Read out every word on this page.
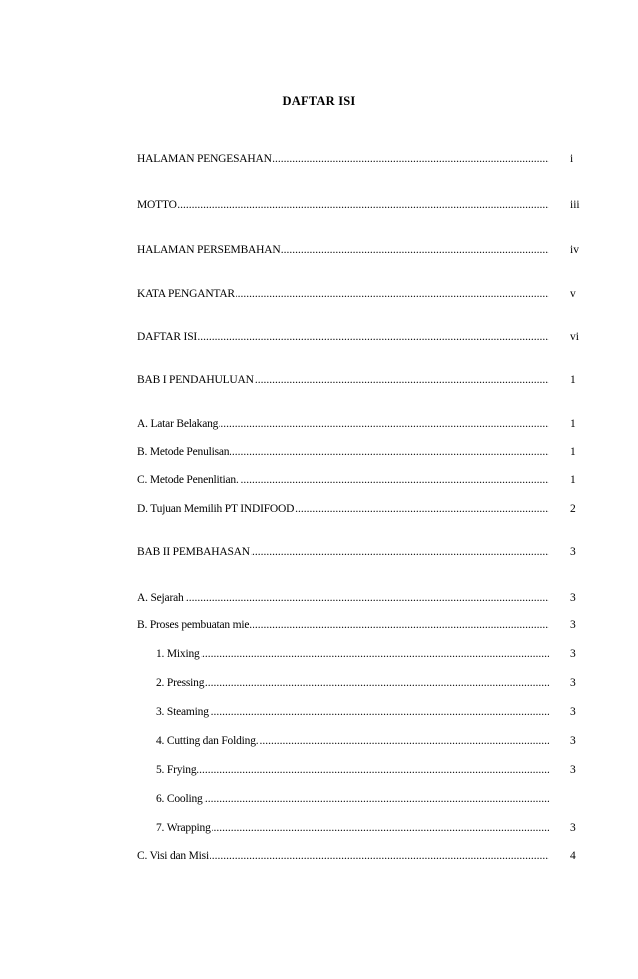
DAFTAR ISI
HALAMAN PENGESAHAN .....	i
MOTTO .....	iii
HALAMAN PERSEMBAHAN .....	iv
KATA PENGANTAR .....	v
DAFTAR ISI .....	vi
BAB I PENDAHULUAN .....	1
A. Latar Belakang .....	1
B. Metode Penulisan .....	1
C. Metode Penenlitian. .....	1
D. Tujuan Memilih PT INDIFOOD .....	2
BAB II PEMBAHASAN .....	3
A. Sejarah .....	3
B. Proses pembuatan mie. .....	3
1. Mixing .....	3
2. Pressing .....	3
3. Steaming .....	3
4. Cutting dan Folding. .....	3
5. Frying .....	3
6. Cooling .....
7. Wrapping .....	3
C. Visi dan Misi .....	4
